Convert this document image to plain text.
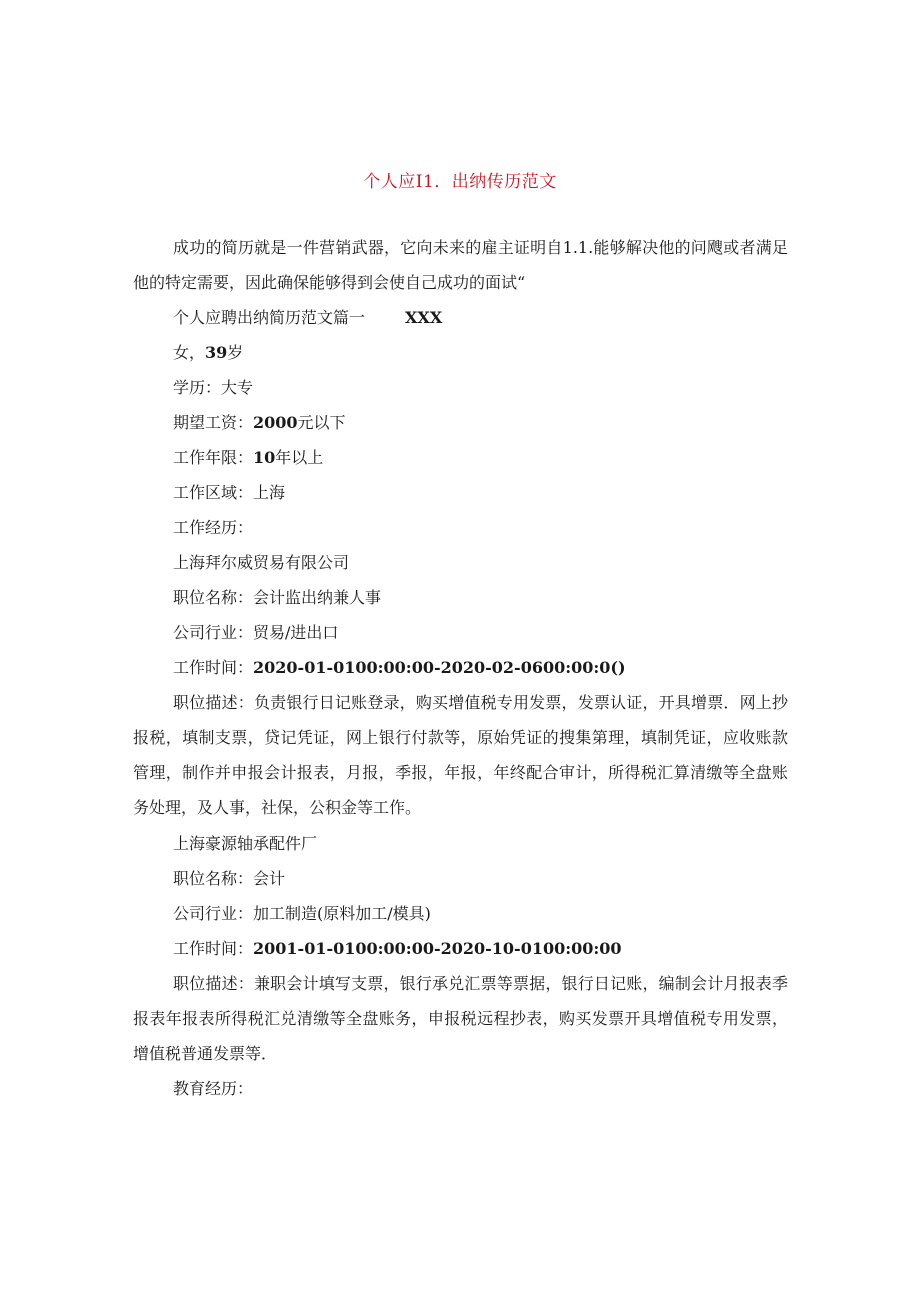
个人应I1．出纳传历范文
成功的简历就是一件营销武器，它向未来的雇主证明自1.1.能够解决他的问飕或者满足他的特定需要，因此确保能够得到会使自己成功的面试“
个人应聘出纳简历范文篇一	XXX
女，39岁
学历：大专
期望工资：2000元以下
工作年限：10年以上
工作区域：上海
工作经历：
上海拜尔威贸易有限公司
职位名称：会计监出纳兼人事
公司行业：贸易/进出口
工作时间：2020-01-0100:00:00-2020-02-0600:00:0()
职位描述：负责银行日记账登录，购买增值税专用发票，发票认证，开具增票．网上抄报税，填制支票，贷记凭证，网上银行付款等，原始凭证的搜集第理，填制凭证，应收账款管理，制作并申报会计报表，月报，季报，年报，年终配合审计，所得税汇算清缴等全盘账务处理，及人事，社保，公积金等工作。
上海豪源轴承配件厂
职位名称：会计
公司行业：加工制造(原料加工/模具)
工作时间：2001-01-0100:00:00-2020-10-0100:00:00
职位描述：兼职会计填写支票，银行承兑汇票等票据，银行日记账，编制会计月报表季报表年报表所得税汇兑清缴等全盘账务，申报税远程抄表，购买发票开具增值税专用发票，增值税普通发票等．
教育经历：
